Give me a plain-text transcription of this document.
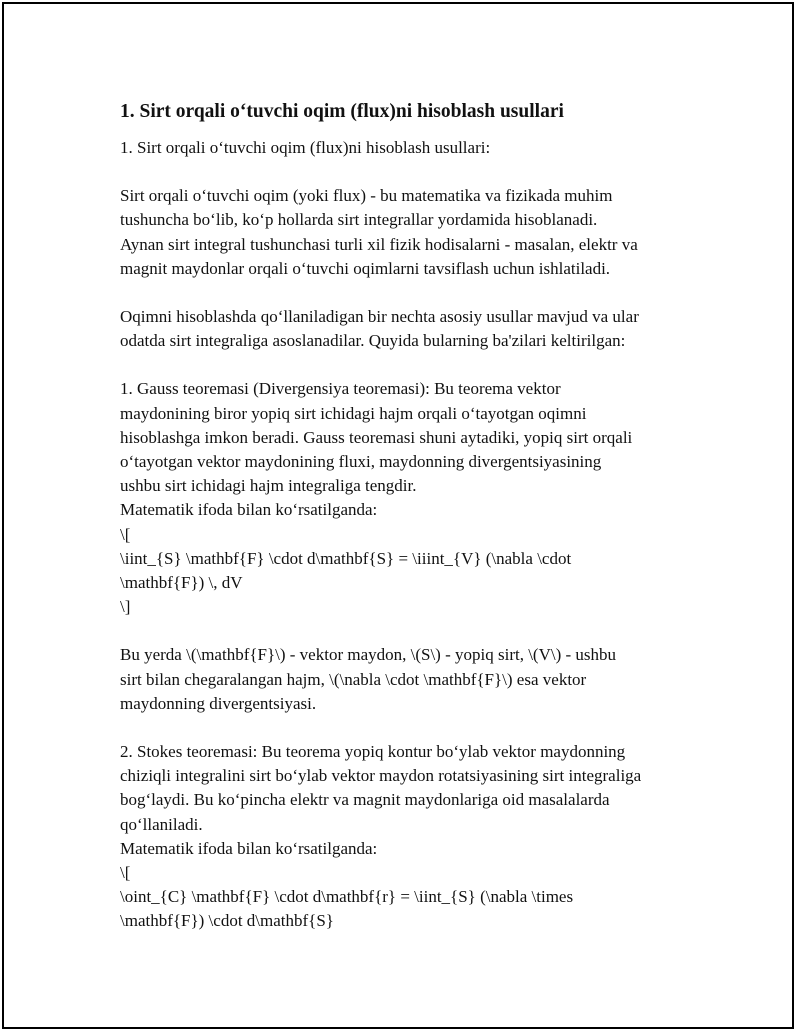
1. Sirt orqali o‘tuvchi oqim (flux)ni hisoblash usullari

1. Sirt orqali o‘tuvchi oqim (flux)ni hisoblash usullari:

Sirt orqali o‘tuvchi oqim (yoki flux) - bu matematika va fizikada muhim
tushuncha bo‘lib, ko‘p hollarda sirt integrallar yordamida hisoblanadi.
Aynan sirt integral tushunchasi turli xil fizik hodisalarni - masalan, elektr va
magnit maydonlar orqali o‘tuvchi oqimlarni tavsiflash uchun ishlatiladi.

Oqimni hisoblashda qo‘llaniladigan bir nechta asosiy usullar mavjud va ular
odatda sirt integraliga asoslanadilar. Quyida bularning ba'zilari keltirilgan:

1. Gauss teoremasi (Divergensiya teoremasi): Bu teorema vektor
maydonining biror yopiq sirt ichidagi hajm orqali o‘tayotgan oqimni
hisoblashga imkon beradi. Gauss teoremasi shuni aytadiki, yopiq sirt orqali
o‘tayotgan vektor maydonining fluxi, maydonning divergentsiyasining
ushbu sirt ichidagi hajm integraliga tengdir.
Matematik ifoda bilan ko‘rsatilganda:
\[
\iint_{S} \mathbf{F} \cdot d\mathbf{S} = \iiint_{V} (\nabla \cdot
\mathbf{F}) \, dV
\]

Bu yerda \(\mathbf{F}\) - vektor maydon, \(S\) - yopiq sirt, \(V\) - ushbu
sirt bilan chegaralangan hajm, \(\nabla \cdot \mathbf{F}\) esa vektor
maydonning divergentsiyasi.

2. Stokes teoremasi: Bu teorema yopiq kontur bo‘ylab vektor maydonning
chiziqli integralini sirt bo‘ylab vektor maydon rotatsiyasining sirt integraliga
bog‘laydi. Bu ko‘pincha elektr va magnit maydonlariga oid masalalarda
qo‘llaniladi.
Matematik ifoda bilan ko‘rsatilganda:
\[
\oint_{C} \mathbf{F} \cdot d\mathbf{r} = \iint_{S} (\nabla \times
\mathbf{F}) \cdot d\mathbf{S}
